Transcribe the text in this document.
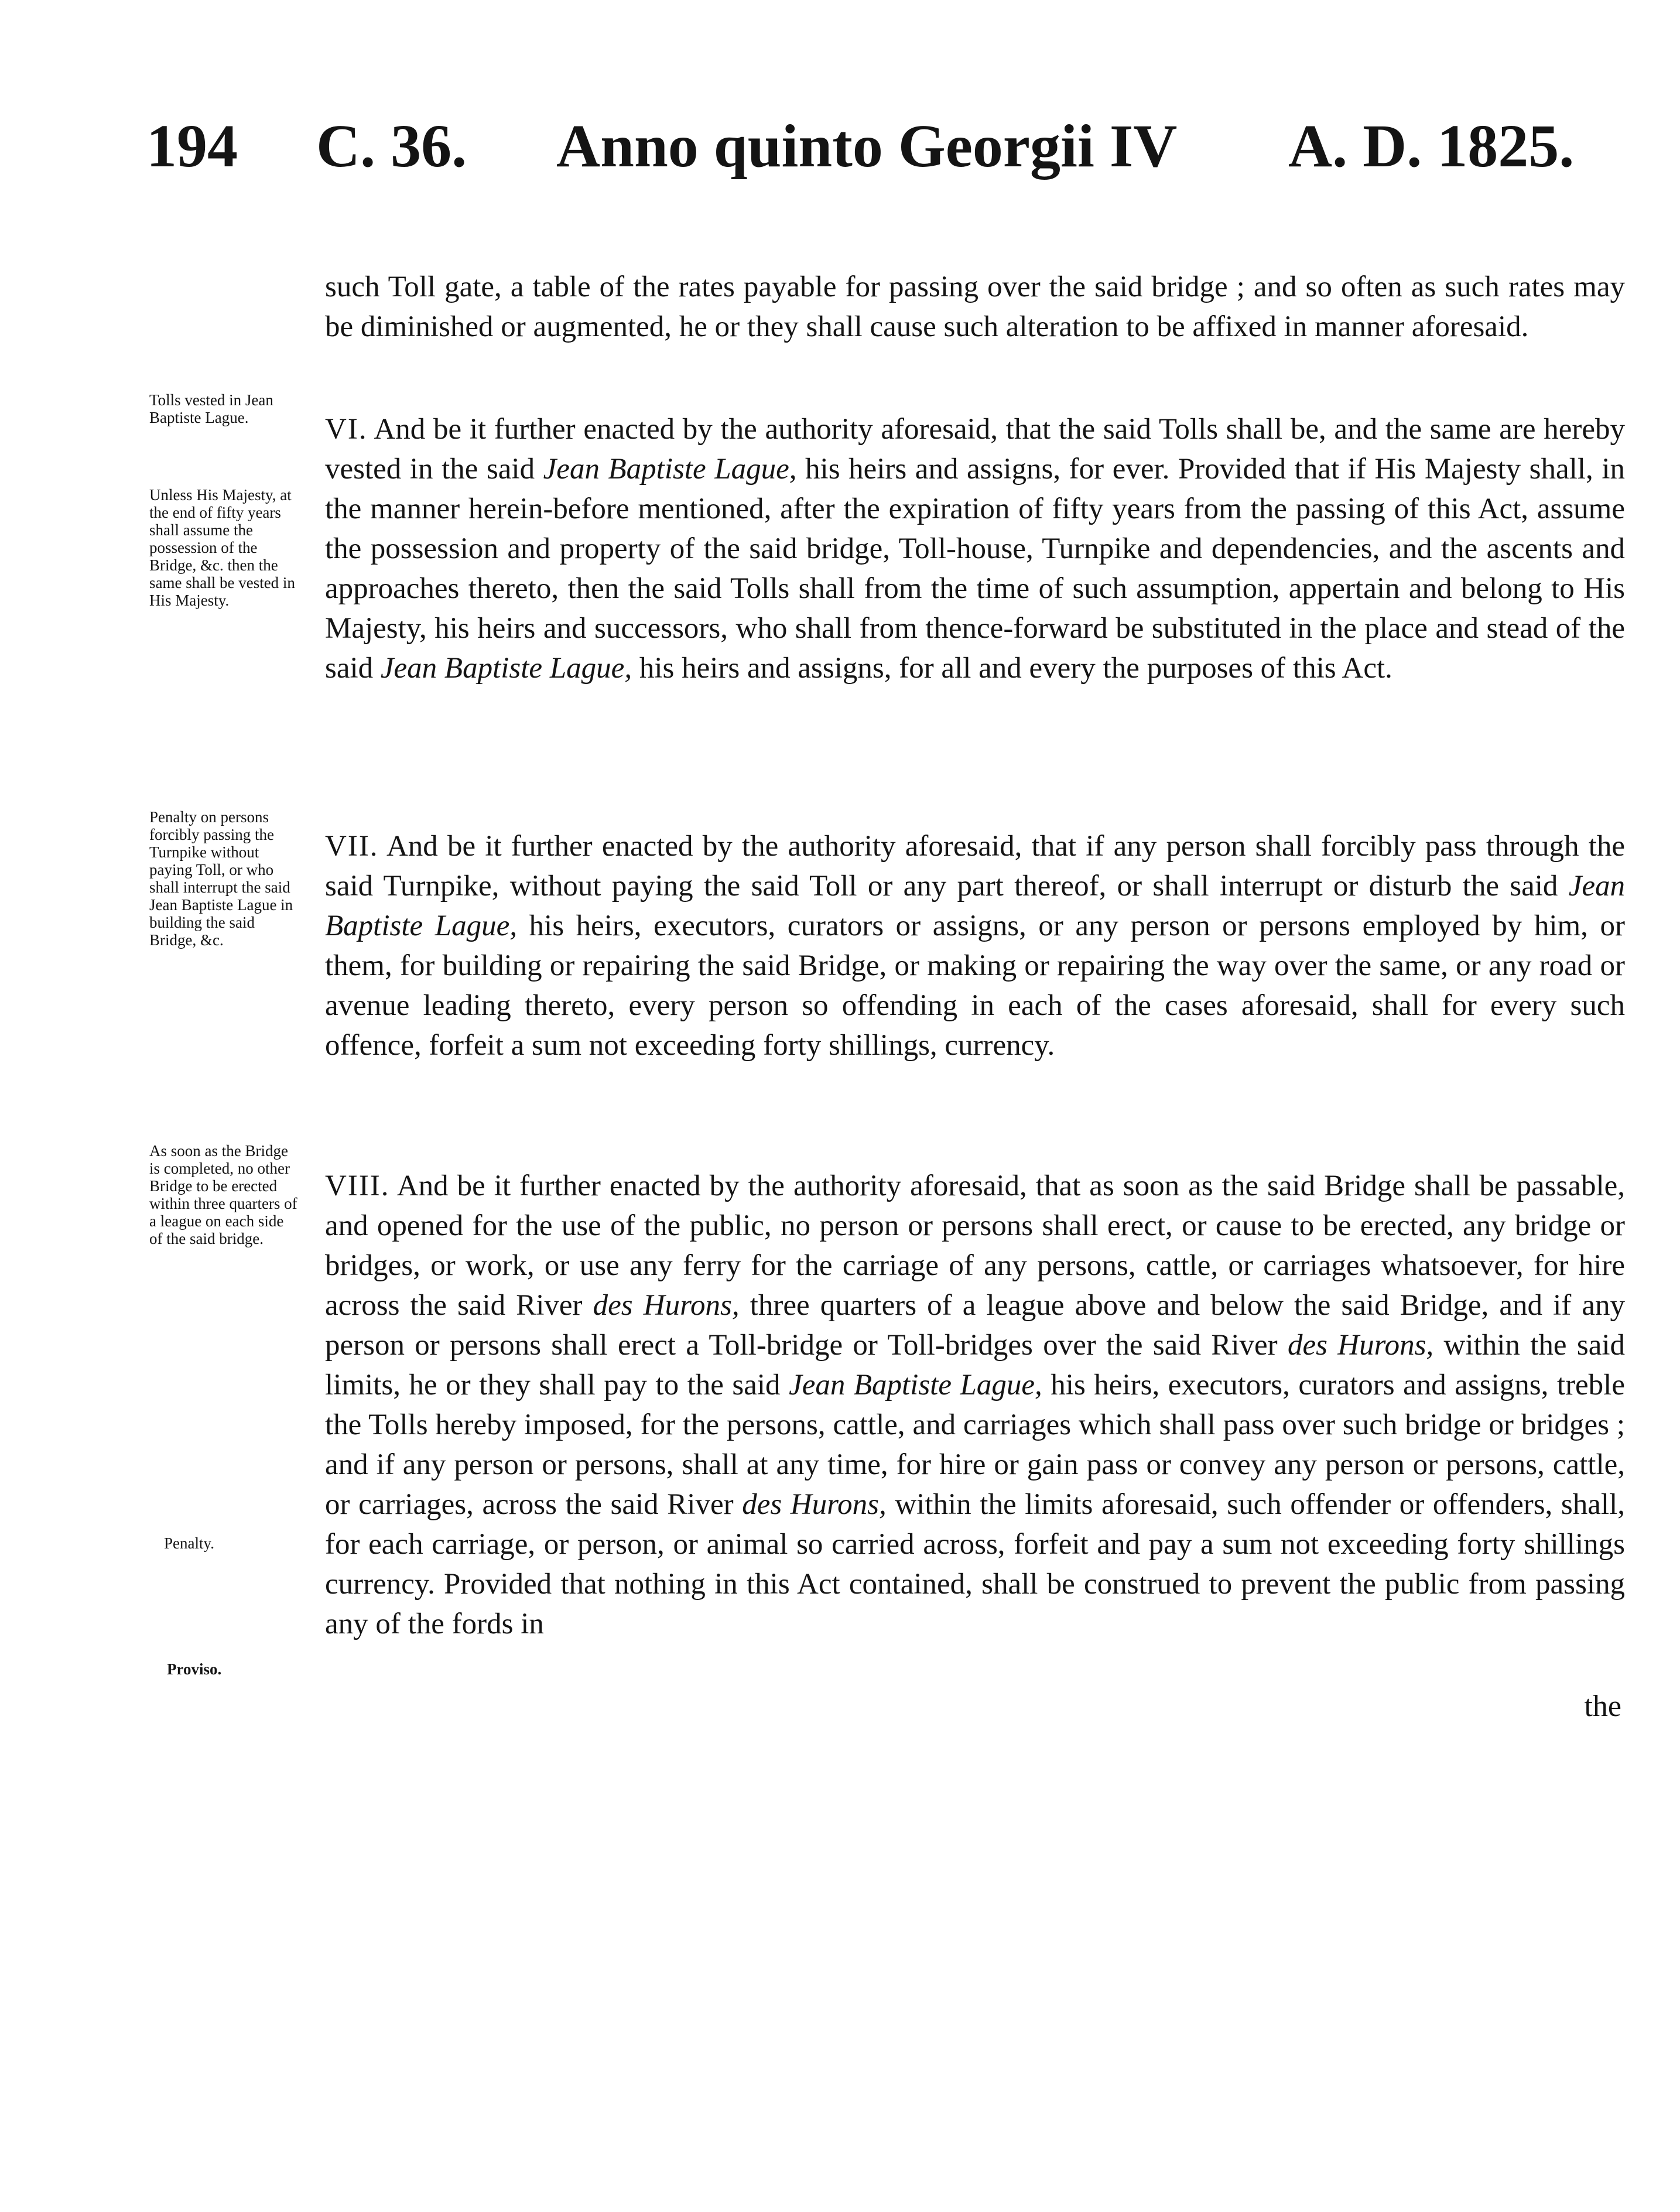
194 C. 36. Anno quinto Georgii IV A. D. 1825.

such Toll gate, a table of the rates payable for passing over the said bridge ; and so often as such rates may be diminished or augmented, he or they shall cause such alteration to be affixed in manner aforesaid.

VI. And be it further enacted by the authority aforesaid, that the said Tolls shall be, and the same are hereby vested in the said Jean Baptiste Lague, his heirs and assigns, for ever. Provided that if His Majesty shall, in the manner herein-before mentioned, after the expiration of fifty years from the passing of this Act, assume the possession and property of the said bridge, Toll-house, Turnpike and dependencies, and the ascents and approaches thereto, then the said Tolls shall from the time of such assumption, appertain and belong to His Majesty, his heirs and successors, who shall from thence-forward be substituted in the place and stead of the said Jean Baptiste Lague, his heirs and assigns, for all and every the purposes of this Act.

VII. And be it further enacted by the authority aforesaid, that if any person shall forcibly pass through the said Turnpike, without paying the said Toll or any part thereof, or shall interrupt or disturb the said Jean Baptiste Lague, his heirs, executors, curators or assigns, or any person or persons employed by him, or them, for building or repairing the said Bridge, or making or repairing the way over the same, or any road or avenue leading thereto, every person so offending in each of the cases aforesaid, shall for every such offence, forfeit a sum not exceeding forty shillings, currency.

VIII. And be it further enacted by the authority aforesaid, that as soon as the said Bridge shall be passable, and opened for the use of the public, no person or persons shall erect, or cause to be erected, any bridge or bridges, or work, or use any ferry for the carriage of any persons, cattle, or carriages whatsoever, for hire across the said River des Hurons, three quarters of a league above and below the said Bridge, and if any person or persons shall erect a Toll-bridge or Toll-bridges over the said River des Hurons, within the said limits, he or they shall pay to the said Jean Baptiste Lague, his heirs, executors, curators and assigns, treble the Tolls hereby imposed, for the persons, cattle, and carriages which shall pass over such bridge or bridges ; and if any person or persons, shall at any time, for hire or gain pass or convey any person or persons, cattle, or carriages, across the said River des Hurons, within the limits aforesaid, such offender or offenders, shall, for each carriage, or person, or animal so carried across, forfeit and pay a sum not exceeding forty shillings currency. Provided that nothing in this Act contained, shall be construed to prevent the public from passing any of the fords in

the
Tolls vested in Jean Baptiste Lague.
Unless His Majesty, at the end of fifty years shall assume the possession of the Bridge, &c. then the same shall be vested in His Majesty.
Penalty on persons forcibly passing the Turnpike without paying Toll, or who shall interrupt the said Jean Baptiste Lague in building the said Bridge, &c.
As soon as the Bridge is completed, no other Bridge to be erected within three quarters of a league on each side of the said bridge.
Penalty.
Proviso.
